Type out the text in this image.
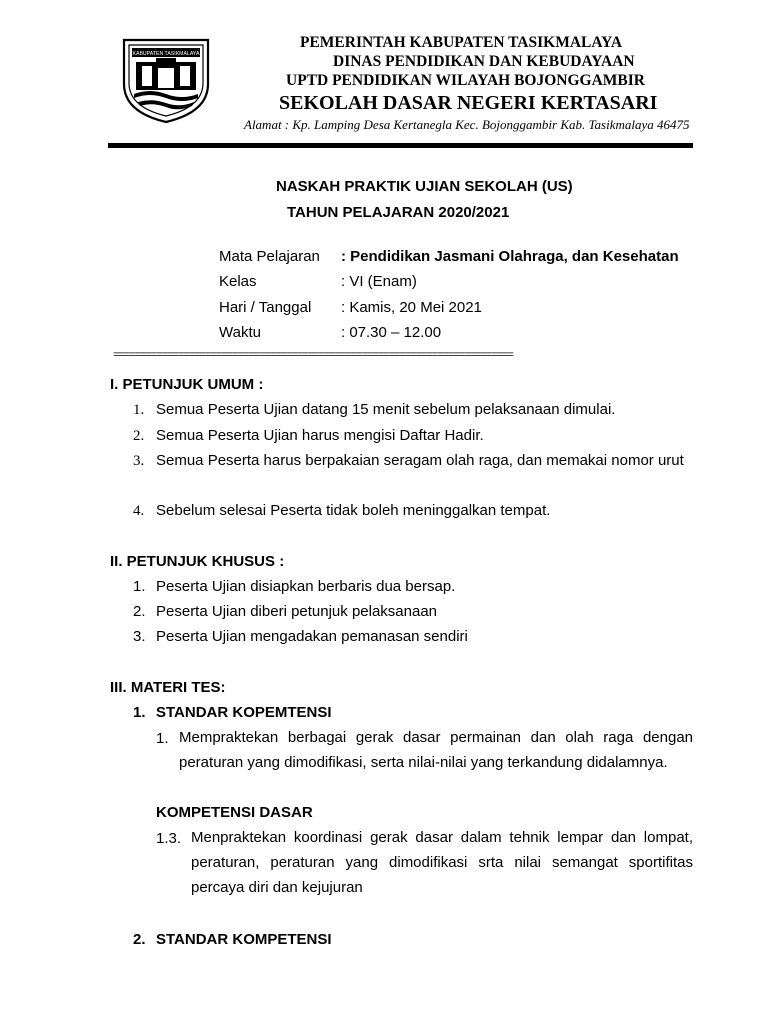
KABUPATEN TASIKMALAYA
PEMERINTAH KABUPATEN TASIKMALAYA
DINAS PENDIDIKAN DAN KEBUDAYAAN
UPTD PENDIDIKAN WILAYAH BOJONGGAMBIR
SEKOLAH DASAR NEGERI KERTASARI
Alamat : Kp. Lamping Desa Kertanegla Kec. Bojonggambir Kab. Tasikmalaya 46475
NASKAH PRAKTIK UJIAN SEKOLAH (US)
TAHUN PELAJARAN 2020/2021
Mata Pelajaran : Pendidikan Jasmani Olahraga, dan Kesehatan
Kelas	: VI (Enam)
Hari / Tanggal : Kamis, 20 Mei 2021
Waktu	: 07.30 – 12.00
==========================================================================
I. PETUNJUK UMUM :
1. Semua Peserta Ujian datang 15 menit sebelum pelaksanaan dimulai.
2. Semua Peserta Ujian harus mengisi Daftar Hadir.
3. Semua Peserta harus berpakaian seragam olah raga, dan memakai nomor urut
4. Sebelum selesai Peserta tidak boleh meninggalkan tempat.
II. PETUNJUK KHUSUS :
1. Peserta Ujian disiapkan berbaris dua bersap.
2. Peserta Ujian diberi petunjuk pelaksanaan
3. Peserta Ujian mengadakan pemanasan sendiri
III. MATERI TES:
1. STANDAR KOPEMTENSI
1. Mempraktekan berbagai gerak dasar permainan dan olah raga dengan peraturan yang dimodifikasi, serta nilai-nilai yang terkandung didalamnya.
KOMPETENSI DASAR
1.3. Menpraktekan koordinasi gerak dasar dalam tehnik lempar dan lompat, peraturan, peraturan yang dimodifikasi srta nilai semangat sportifitas percaya diri dan kejujuran
2. STANDAR KOMPETENSI
